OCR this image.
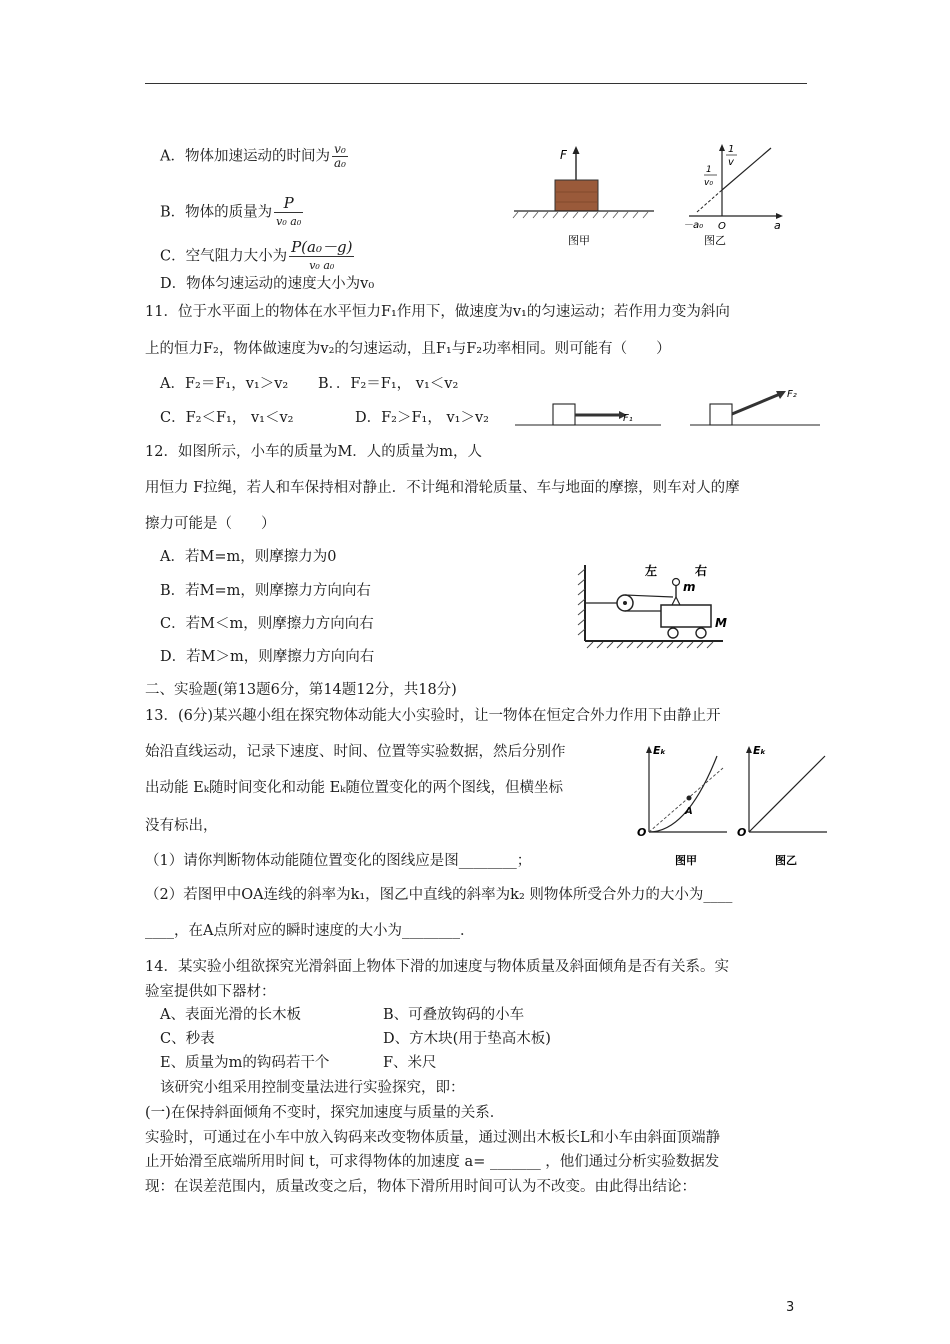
A．物体加速运动的时间为 $\frac{\text{v₀}}{\text{a₀}}$
B．物体的质量为 $\frac{P}{\text{v₀ a₀}}$
C．空气阻力大小为 $\frac{\text{P(a₀－g)}}{\text{v₀ a₀}}$
D．物体匀速运动的速度大小为v₀
F
图甲
1
v
1
v₀
－a₀ O	a
图乙
11．位于水平面上的物体在水平恒力F₁作用下，做速度为v₁的匀速运动；若作用力变为斜向
上的恒力F₂，物体做速度为v₂的匀速运动，且F₁与F₂功率相同。则可能有（　　）
A．F₂＝F₁，v₁＞v₂ B．．F₂＝F₁， v₁＜v₂
C．F₂＜F₁， v₁＜v₂	D．F₂＞F₁， v₁＞v₂	F₁
F₂
12．如图所示，小车的质量为M．人的质量为m，人
用恒力 F拉绳，若人和车保持相对静止．不计绳和滑轮质量、车与地面的摩擦，则车对人的摩
擦力可能是（　　）
A．若M=m，则摩擦力为0
B．若M=m，则摩擦力方向向右
C．若M＜m，则摩擦力方向向右
D．若M＞m，则摩擦力方向向右
左	右
m
M
二、实验题(第13题6分，第14题12分，共18分)
13．(6分)某兴趣小组在探究物体动能大小实验时，让一物体在恒定合外力作用下由静止开
始沿直线运动，记录下速度、时间、位置等实验数据，然后分别作
出动能 Eₖ随时间变化和动能 Eₖ随位置变化的两个图线，但横坐标
没有标出，
（1）请你判断物体动能随位置变化的图线应是图________；
（2）若图甲中OA连线的斜率为k₁，图乙中直线的斜率为k₂ 则物体所受合外力的大小为____
____，在A点所对应的瞬时速度的大小为________．
Eₖ
A
O
图甲
Eₖ
O
图乙
14．某实验小组欲探究光滑斜面上物体下滑的加速度与物体质量及斜面倾角是否有关系。实
验室提供如下器材：
A、表面光滑的长木板	B、可叠放钩码的小车
C、秒表	D、方木块(用于垫高木板)
E、质量为m的钩码若干个	F、米尺
该研究小组采用控制变量法进行实验探究，即：
(一)在保持斜面倾角不变时，探究加速度与质量的关系．
实验时，可通过在小车中放入钩码来改变物体质量，通过测出木板长L和小车由斜面顶端静
止开始滑至底端所用时间 t，可求得物体的加速度 a= _______ ，他们通过分析实验数据发
现：在误差范围内，质量改变之后，物体下滑所用时间可认为不改变。由此得出结论：
3
